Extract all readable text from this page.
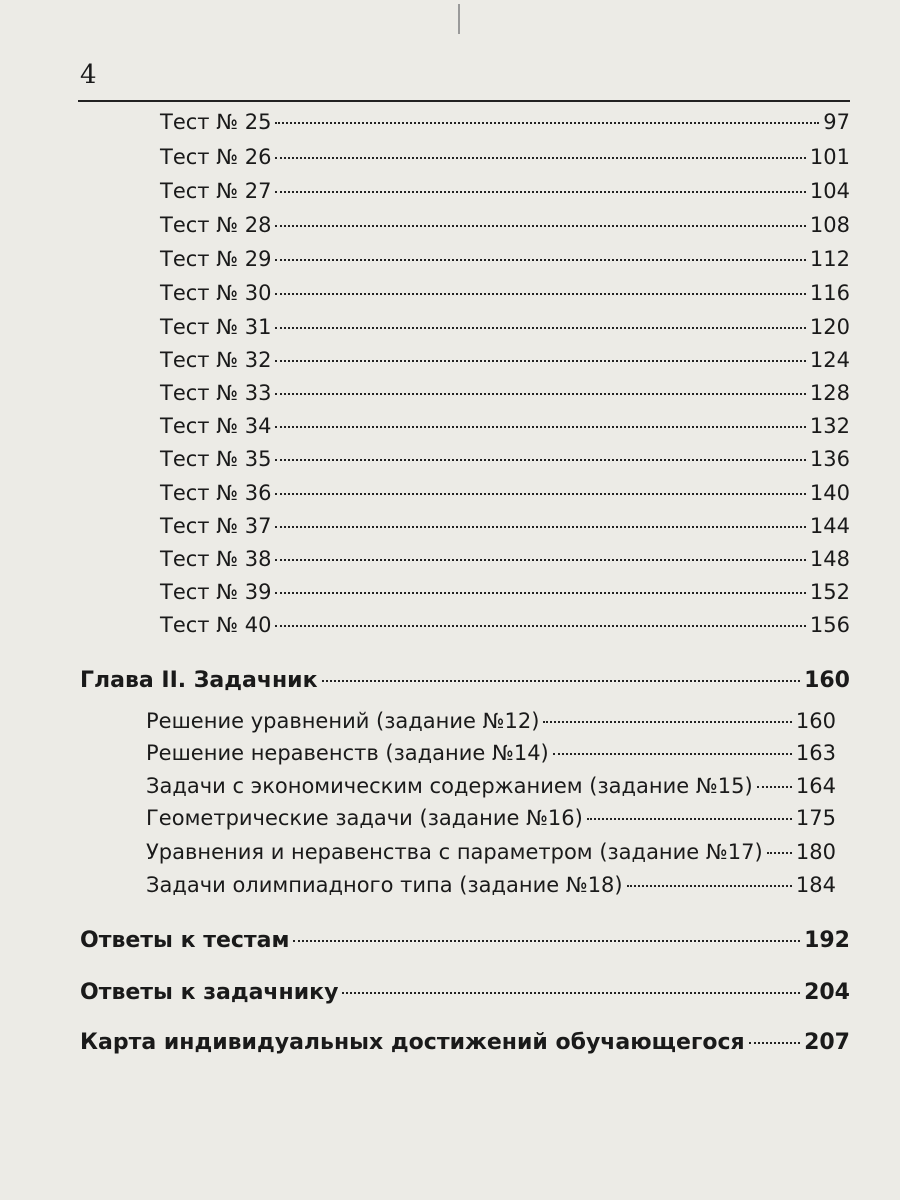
4
Тест № 25	97
Тест № 26	101
Тест № 27	104
Тест № 28	108
Тест № 29	112
Тест № 30	116
Тест № 31	120
Тест № 32	124
Тест № 33	128
Тест № 34	132
Тест № 35	136
Тест № 36	140
Тест № 37	144
Тест № 38	148
Тест № 39	152
Тест № 40	156
Глава II. Задачник	160
Решение уравнений (задание №12)	160
Решение неравенств (задание №14)	163
Задачи с экономическим содержанием (задание №15) 164
Геометрические задачи (задание №16)	175
Уравнения и неравенства с параметром (задание №17) 180
Задачи олимпиадного типа (задание №18)	184
Ответы к тестам	192
Ответы к задачнику	204
Карта индивидуальных достижений обучающегося	207
